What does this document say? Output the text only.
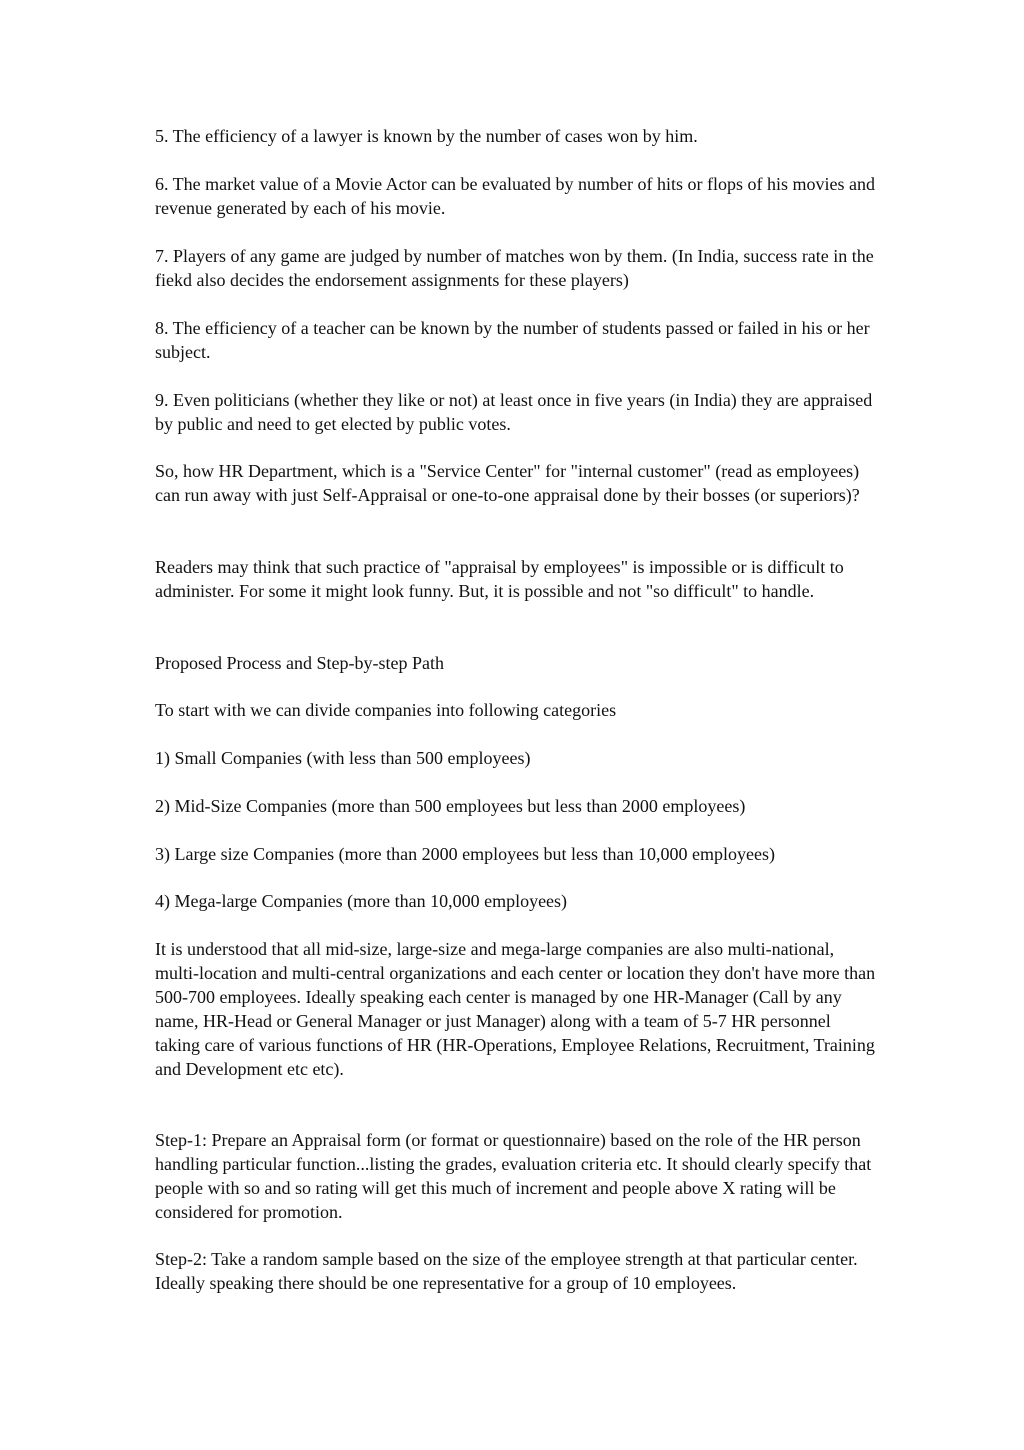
5. The efficiency of a lawyer is known by the number of cases won by him.

6. The market value of a Movie Actor can be evaluated by number of hits or flops of his movies and revenue generated by each of his movie.

7. Players of any game are judged by number of matches won by them. (In India, success rate in the fiekd also decides the endorsement assignments for these players)

8. The efficiency of a teacher can be known by the number of students passed or failed in his or her subject.

9. Even politicians (whether they like or not) at least once in five years (in India) they are appraised by public and need to get elected by public votes.

So, how HR Department, which is a "Service Center" for "internal customer" (read as employees) can run away with just Self-Appraisal or one-to-one appraisal done by their bosses (or superiors)?

Readers may think that such practice of "appraisal by employees" is impossible or is difficult to administer. For some it might look funny. But, it is possible and not "so difficult" to handle.

Proposed Process and Step-by-step Path

To start with we can divide companies into following categories

1) Small Companies (with less than 500 employees)

2) Mid-Size Companies (more than 500 employees but less than 2000 employees)

3) Large size Companies (more than 2000 employees but less than 10,000 employees)

4) Mega-large Companies (more than 10,000 employees)

It is understood that all mid-size, large-size and mega-large companies are also multi-national, multi-location and multi-central organizations and each center or location they don't have more than 500-700 employees. Ideally speaking each center is managed by one HR-Manager (Call by any name, HR-Head or General Manager or just Manager) along with a team of 5-7 HR personnel taking care of various functions of HR (HR-Operations, Employee Relations, Recruitment, Training and Development etc etc).

Step-1: Prepare an Appraisal form (or format or questionnaire) based on the role of the HR person handling particular function...listing the grades, evaluation criteria etc. It should clearly specify that people with so and so rating will get this much of increment and people above X rating will be considered for promotion.

Step-2: Take a random sample based on the size of the employee strength at that particular center. Ideally speaking there should be one representative for a group of 10 employees.
